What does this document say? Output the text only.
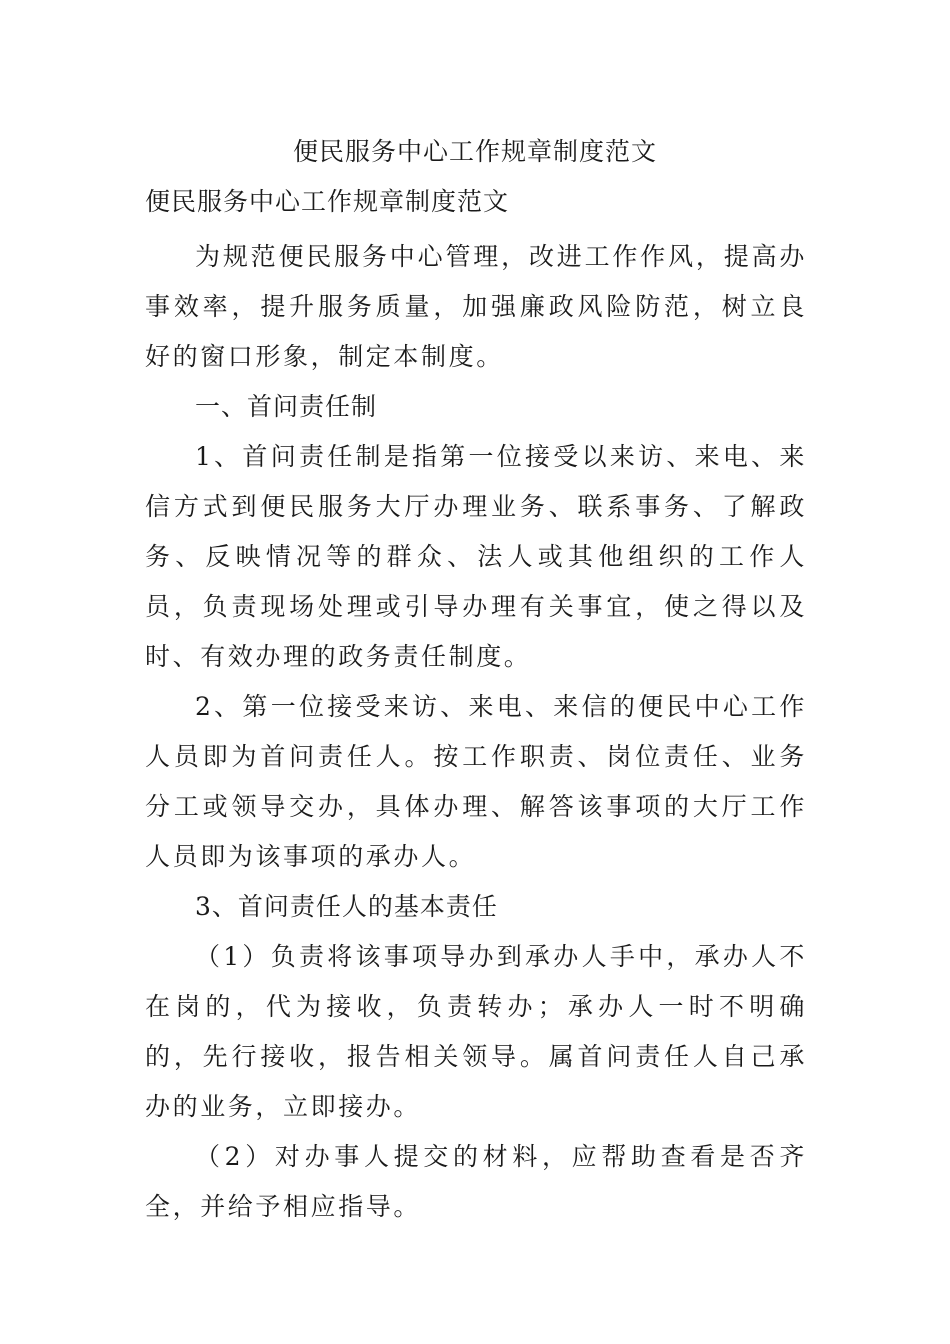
便民服务中心工作规章制度范文
便民服务中心工作规章制度范文

为规范便民服务中心管理，改进工作作风，提高办事效率，提升服务质量，加强廉政风险防范，树立良好的窗口形象，制定本制度。

一、首问责任制

1、首问责任制是指第一位接受以来访、来电、来信方式到便民服务大厅办理业务、联系事务、了解政务、反映情况等的群众、法人或其他组织的工作人员，负责现场处理或引导办理有关事宜，使之得以及时、有效办理的政务责任制度。

2、第一位接受来访、来电、来信的便民中心工作人员即为首问责任人。按工作职责、岗位责任、业务分工或领导交办，具体办理、解答该事项的大厅工作人员即为该事项的承办人。

3、首问责任人的基本责任

（1）负责将该事项导办到承办人手中，承办人不在岗的，代为接收，负责转办；承办人一时不明确的，先行接收，报告相关领导。属首问责任人自己承办的业务，立即接办。

（2）对办事人提交的材料，应帮助查看是否齐全，并给予相应指导。
